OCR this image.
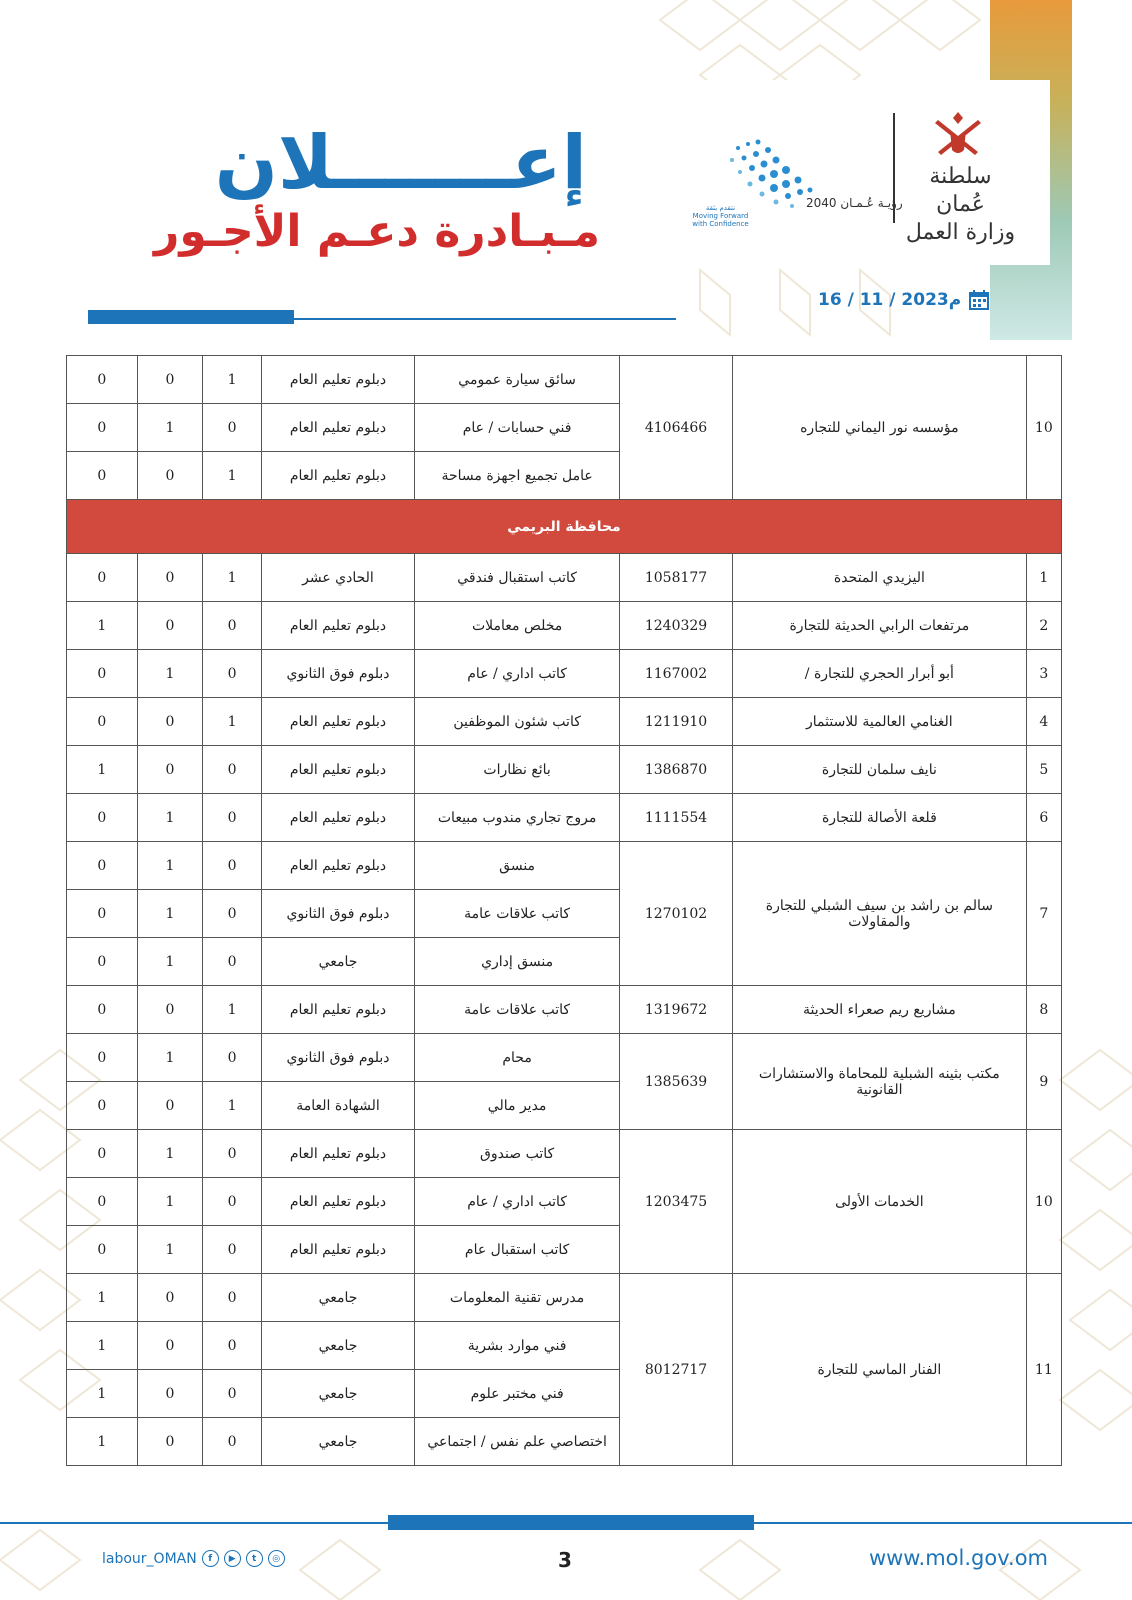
سلطنة عُمان
وزارة العمل
رؤيـة عُـمـان 2040
نتقدم بثقة
Moving Forward with Confidence
إعـــــــلان
مـبـادرة دعـم الأجـور
16 / 11 / 2023م
10	مؤسسه نور اليماني للتجاره	4106466	سائق سيارة عمومي	دبلوم تعليم العام	1	0	0
			فني حسابات / عام	دبلوم تعليم العام	0	1	0
			عامل تجميع اجهزة مساحة	دبلوم تعليم العام	1	0	0
محافظة البريمي							
1	اليزيدي المتحدة	1058177	كاتب استقبال فندقي	الحادي عشر	1	0	0
2	مرتفعات الرابي الحديثة للتجارة	1240329	مخلص معاملات	دبلوم تعليم العام	0	0	1
3	أبو أبرار الحجري للتجارة /	1167002	كاتب اداري / عام	دبلوم فوق الثانوي	0	1	0
4	الغنامي العالمية للاستثمار	1211910	كاتب شئون الموظفين	دبلوم تعليم العام	1	0	0
5	نايف سلمان للتجارة	1386870	بائع نظارات	دبلوم تعليم العام	0	0	1
6	قلعة الأصالة للتجارة	1111554	مروج تجاري مندوب مبيعات	دبلوم تعليم العام	0	1	0
7	سالم بن راشد بن سيف الشبلي للتجارة والمقاولات	1270102	منسق	دبلوم تعليم العام	0	1	0
			كاتب علاقات عامة	دبلوم فوق الثانوي	0	1	0
			منسق إداري	جامعي	0	1	0
8	مشاريع ريم صعراء الحديثة	1319672	كاتب علاقات عامة	دبلوم تعليم العام	1	0	0
9	مكتب بثينه الشبلية للمحاماة والاستشارات القانونية	1385639	محام	دبلوم فوق الثانوي	0	1	0
			مدير مالي	الشهادة العامة	1	0	0
10	الخدمات الأولى	1203475	كاتب صندوق	دبلوم تعليم العام	0	1	0
			كاتب اداري / عام	دبلوم تعليم العام	0	1	0
			كاتب استقبال عام	دبلوم تعليم العام	0	1	0
11	الفنار الماسي للتجارة	8012717	مدرس تقنية المعلومات	جامعي	0	0	1
			فني موارد بشرية	جامعي	0	0	1
			فني مختبر علوم	جامعي	0	0	1
			اختصاصي علم نفس / اجتماعي	جامعي	0	0	1
labour_OMAN	f	▶	t	◎	3	www.mol.gov.om
